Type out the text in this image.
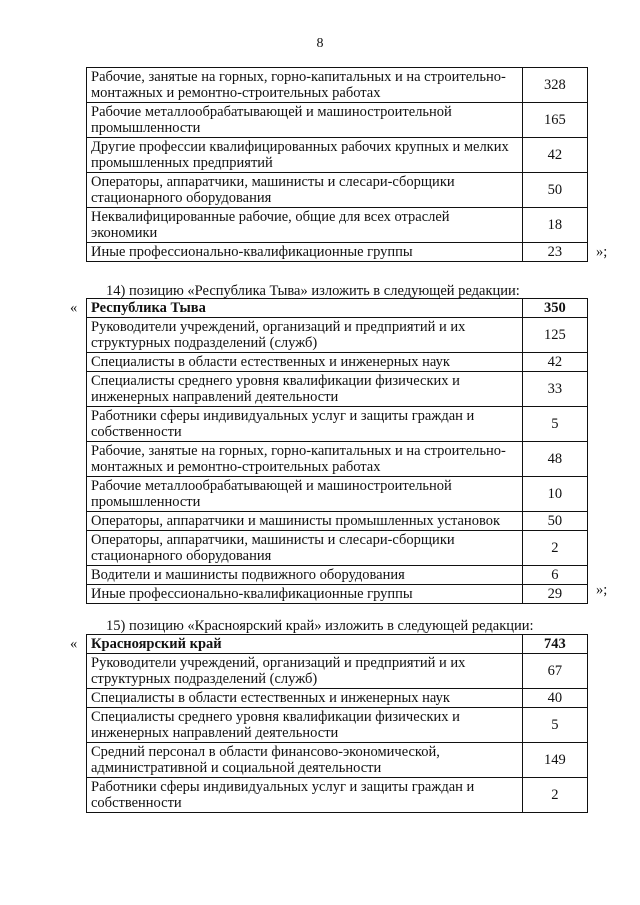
8
Рабочие, занятые на горных, горно-капитальных и на строительно-монтажных и ремонтно-строительных работах	328
Рабочие металлообрабатывающей и машиностроительной промышленности	165
Другие профессии квалифицированных рабочих крупных и мелких промышленных предприятий	42
Операторы, аппаратчики, машинисты и слесари-сборщики стационарного оборудования	50
Неквалифицированные рабочие, общие для всех отраслей экономики	18
Иные профессионально-квалификационные группы	23 »;
14) позицию «Республика Тыва» изложить в следующей редакции:
« Республика Тыва	350
Руководители учреждений, организаций и предприятий и их структурных подразделений (служб)	125
Специалисты в области естественных и инженерных наук	42
Специалисты среднего уровня квалификации физических и инженерных направлений деятельности	33
Работники сферы индивидуальных услуг и защиты граждан и собственности	5
Рабочие, занятые на горных, горно-капитальных и на строительно-монтажных и ремонтно-строительных работах	48
Рабочие металлообрабатывающей и машиностроительной промышленности	10
Операторы, аппаратчики и машинисты промышленных установок	50
Операторы, аппаратчики, машинисты и слесари-сборщики стационарного оборудования	2
Водители и машинисты подвижного оборудования	6
Иные профессионально-квалификационные группы	29 »;
15) позицию «Красноярский край» изложить в следующей редакции:
« Красноярский край	743
Руководители учреждений, организаций и предприятий и их структурных подразделений (служб)	67
Специалисты в области естественных и инженерных наук	40
Специалисты среднего уровня квалификации физических и инженерных направлений деятельности	5
Средний персонал в области финансово-экономической, административной и социальной деятельности	149
Работники сферы индивидуальных услуг и защиты граждан и собственности	2
